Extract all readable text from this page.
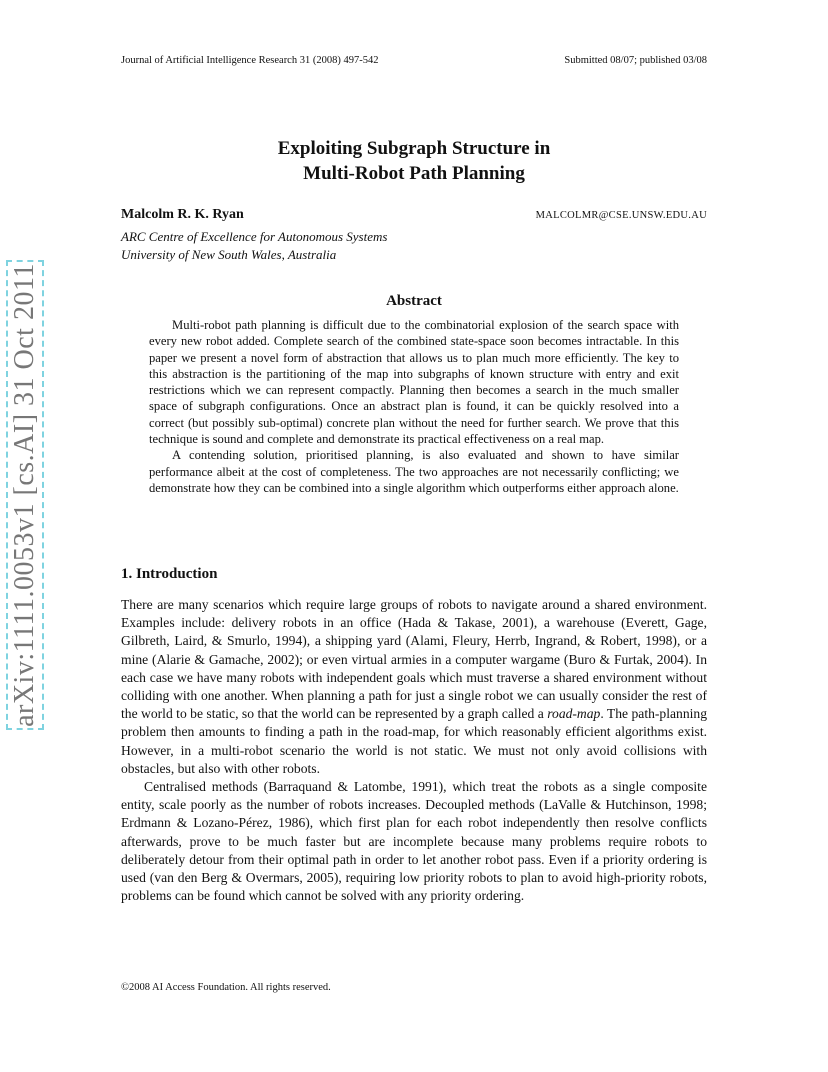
Journal of Artificial Intelligence Research 31 (2008) 497-542	Submitted 08/07; published 03/08
Exploiting Subgraph Structure in
Multi-Robot Path Planning
Malcolm R. K. Ryan	MALCOLMR@CSE.UNSW.EDU.AU
ARC Centre of Excellence for Autonomous Systems
University of New South Wales, Australia
Abstract

Multi-robot path planning is difficult due to the combinatorial explosion of the search space with every new robot added. Complete search of the combined state-space soon becomes intractable. In this paper we present a novel form of abstraction that allows us to plan much more efficiently. The key to this abstraction is the partitioning of the map into subgraphs of known structure with entry and exit restrictions which we can represent compactly. Planning then becomes a search in the much smaller space of subgraph configurations. Once an abstract plan is found, it can be quickly resolved into a correct (but possibly sub-optimal) concrete plan without the need for further search. We prove that this technique is sound and complete and demonstrate its practical effectiveness on a real map.

A contending solution, prioritised planning, is also evaluated and shown to have similar performance albeit at the cost of completeness. The two approaches are not necessarily conflicting; we demonstrate how they can be combined into a single algorithm which outperforms either approach alone.

1. Introduction

There are many scenarios which require large groups of robots to navigate around a shared environment. Examples include: delivery robots in an office (Hada & Takase, 2001), a warehouse (Everett, Gage, Gilbreth, Laird, & Smurlo, 1994), a shipping yard (Alami, Fleury, Herrb, Ingrand, & Robert, 1998), or a mine (Alarie & Gamache, 2002); or even virtual armies in a computer wargame (Buro & Furtak, 2004). In each case we have many robots with independent goals which must traverse a shared environment without colliding with one another. When planning a path for just a single robot we can usually consider the rest of the world to be static, so that the world can be represented by a graph called a road-map. The path-planning problem then amounts to finding a path in the road-map, for which reasonably efficient algorithms exist. However, in a multi-robot scenario the world is not static. We must not only avoid collisions with obstacles, but also with other robots.

Centralised methods (Barraquand & Latombe, 1991), which treat the robots as a single composite entity, scale poorly as the number of robots increases. Decoupled methods (LaValle & Hutchinson, 1998; Erdmann & Lozano-Pérez, 1986), which first plan for each robot independently then resolve conflicts afterwards, prove to be much faster but are incomplete because many problems require robots to deliberately detour from their optimal path in order to let another robot pass. Even if a priority ordering is used (van den Berg & Overmars, 2005), requiring low priority robots to plan to avoid high-priority robots, problems can be found which cannot be solved with any priority ordering.

©2008 AI Access Foundation. All rights reserved.
arXiv:1111.0053v1 [cs.AI] 31 Oct 2011
